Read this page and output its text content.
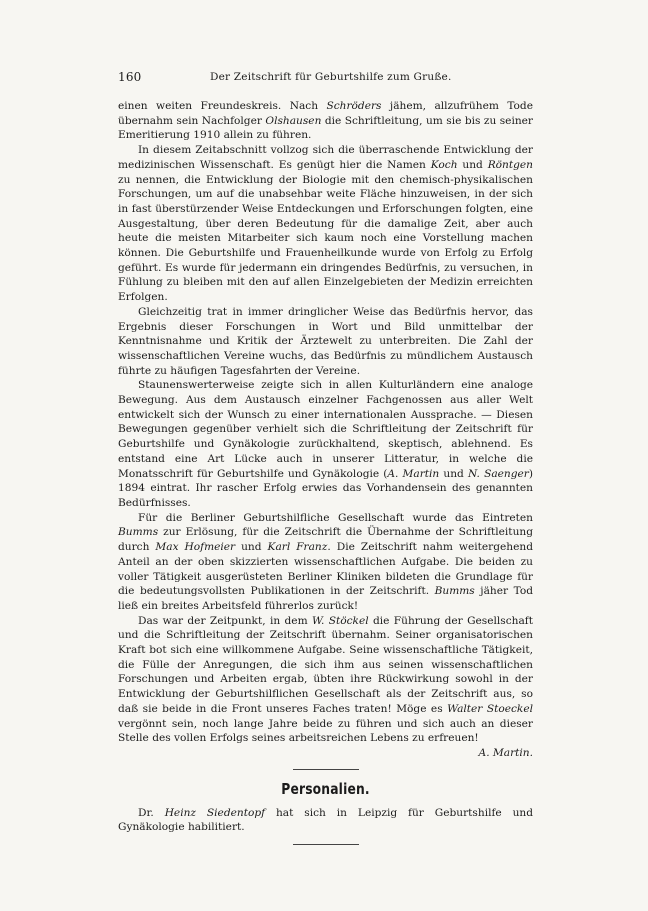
160	Der Zeitschrift für Geburtshilfe zum Gruße.

einen weiten Freundeskreis. Nach Schröders jähem, allzufrühem Tode übernahm sein Nachfolger Olshausen die Schriftleitung, um sie bis zu seiner Emeritierung 1910 allein zu führen.

In diesem Zeitabschnitt vollzog sich die überraschende Entwicklung der medizinischen Wissenschaft. Es genügt hier die Namen Koch und Röntgen zu nennen, die Entwicklung der Biologie mit den chemisch-physikalischen Forschungen, um auf die unabsehbar weite Fläche hinzuweisen, in der sich in fast überstürzender Weise Entdeckungen und Erforschungen folgten, eine Ausgestaltung, über deren Bedeutung für die damalige Zeit, aber auch heute die meisten Mitarbeiter sich kaum noch eine Vorstellung machen können. Die Geburtshilfe und Frauenheilkunde wurde von Erfolg zu Erfolg geführt. Es wurde für jedermann ein dringendes Bedürfnis, zu versuchen, in Fühlung zu bleiben mit den auf allen Einzelgebieten der Medizin erreichten Erfolgen.

Gleichzeitig trat in immer dringlicher Weise das Bedürfnis hervor, das Ergebnis dieser Forschungen in Wort und Bild unmittelbar der Kenntnisnahme und Kritik der Ärztewelt zu unterbreiten. Die Zahl der wissenschaftlichen Vereine wuchs, das Bedürfnis zu mündlichem Austausch führte zu häufigen Tagesfahrten der Vereine.

Staunenswerterweise zeigte sich in allen Kulturländern eine analoge Bewegung. Aus dem Austausch einzelner Fachgenossen aus aller Welt entwickelt sich der Wunsch zu einer internationalen Aussprache. — Diesen Bewegungen gegenüber verhielt sich die Schriftleitung der Zeitschrift für Geburtshilfe und Gynäkologie zurückhaltend, skeptisch, ablehnend. Es entstand eine Art Lücke auch in unserer Litteratur, in welche die Monatsschrift für Geburtshilfe und Gynäkologie (A. Martin und N. Saenger) 1894 eintrat. Ihr rascher Erfolg erwies das Vorhandensein des genannten Bedürfnisses.

Für die Berliner Geburtshilfliche Gesellschaft wurde das Eintreten Bumms zur Erlösung, für die Zeitschrift die Übernahme der Schriftleitung durch Max Hofmeier und Karl Franz. Die Zeitschrift nahm weitergehend Anteil an der oben skizzierten wissenschaftlichen Aufgabe. Die beiden zu voller Tätigkeit ausgerüsteten Berliner Kliniken bildeten die Grundlage für die bedeutungsvollsten Publikationen in der Zeitschrift. Bumms jäher Tod ließ ein breites Arbeitsfeld führerlos zurück!

Das war der Zeitpunkt, in dem W. Stöckel die Führung der Gesellschaft und die Schriftleitung der Zeitschrift übernahm. Seiner organisatorischen Kraft bot sich eine willkommene Aufgabe. Seine wissenschaftliche Tätigkeit, die Fülle der Anregungen, die sich ihm aus seinen wissenschaftlichen Forschungen und Arbeiten ergab, übten ihre Rückwirkung sowohl in der Entwicklung der Geburtshilflichen Gesellschaft als der Zeitschrift aus, so daß sie beide in die Front unseres Faches traten! Möge es Walter Stoeckel vergönnt sein, noch lange Jahre beide zu führen und sich auch an dieser Stelle des vollen Erfolgs seines arbeitsreichen Lebens zu erfreuen!
A. Martin.

Personalien.

Dr. Heinz Siedentopf hat sich in Leipzig für Geburtshilfe und Gynäkologie habilitiert.
